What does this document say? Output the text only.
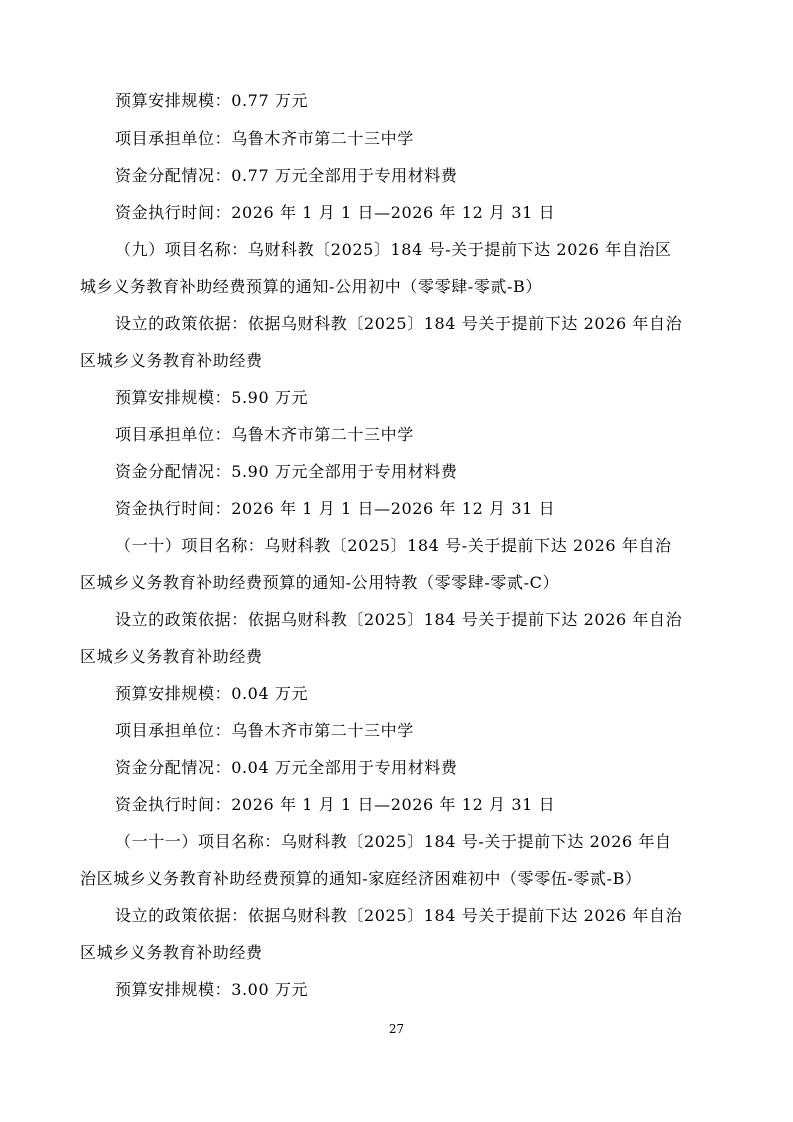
预算安排规模：0.77 万元
项目承担单位：乌鲁木齐市第二十三中学
资金分配情况：0.77 万元全部用于专用材料费
资金执行时间：2026 年 1 月 1 日—2026 年 12 月 31 日
（九）项目名称：乌财科教〔2025〕184 号-关于提前下达 2026 年自治区
城乡义务教育补助经费预算的通知-公用初中（零零肆-零贰-B）
设立的政策依据：依据乌财科教〔2025〕184 号关于提前下达 2026 年自治
区城乡义务教育补助经费
预算安排规模：5.90 万元
项目承担单位：乌鲁木齐市第二十三中学
资金分配情况：5.90 万元全部用于专用材料费
资金执行时间：2026 年 1 月 1 日—2026 年 12 月 31 日
（一十）项目名称：乌财科教〔2025〕184 号-关于提前下达 2026 年自治
区城乡义务教育补助经费预算的通知-公用特教（零零肆-零贰-C）
设立的政策依据：依据乌财科教〔2025〕184 号关于提前下达 2026 年自治
区城乡义务教育补助经费
预算安排规模：0.04 万元
项目承担单位：乌鲁木齐市第二十三中学
资金分配情况：0.04 万元全部用于专用材料费
资金执行时间：2026 年 1 月 1 日—2026 年 12 月 31 日
（一十一）项目名称：乌财科教〔2025〕184 号-关于提前下达 2026 年自
治区城乡义务教育补助经费预算的通知-家庭经济困难初中（零零伍-零贰-B）
设立的政策依据：依据乌财科教〔2025〕184 号关于提前下达 2026 年自治
区城乡义务教育补助经费
预算安排规模：3.00 万元
27
